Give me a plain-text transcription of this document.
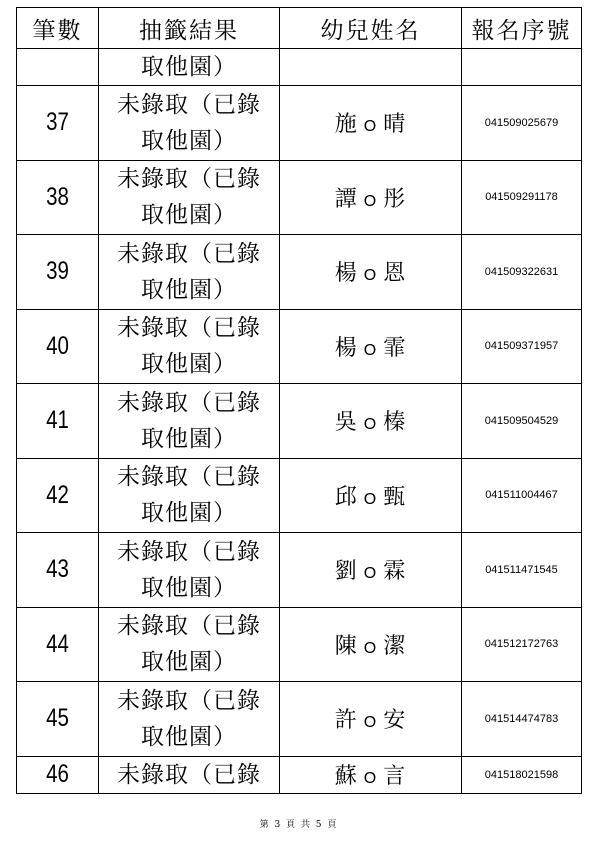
筆數	抽籤結果	幼兒姓名	報名序號

	取他園）		

37	未錄取（已錄
取他園）	施 O 晴	041509025679

38	未錄取（已錄
取他園）	譚 O 彤	041509291178

39	未錄取（已錄
取他園）	楊 O 恩	041509322631

40	未錄取（已錄
取他園）	楊 O 霏	041509371957

41	未錄取（已錄
取他園）	吳 O 榛	041509504529

42	未錄取（已錄
取他園）	邱 O 甄	041511004467

43	未錄取（已錄
取他園）	劉 O 霖	041511471545

44	未錄取（已錄
取他園）	陳 O 潔	041512172763

45	未錄取（已錄
取他園）	許 O 安	041514474783

46	未錄取（已錄	蘇 O 言	041518021598
第 3 頁 共 5 頁
